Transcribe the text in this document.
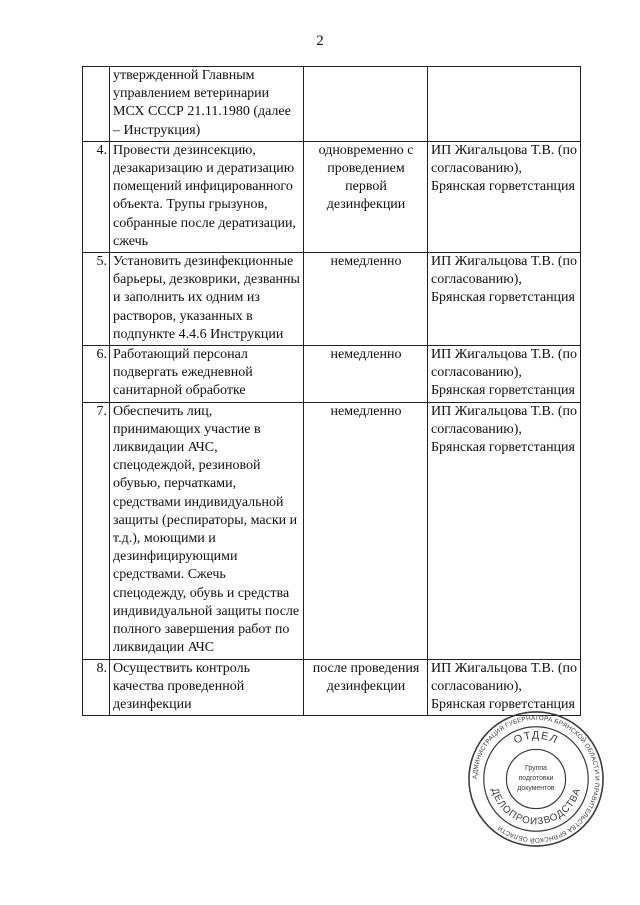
2
	утвержденной Главным управлением ветеринарии МСХ СССР 21.11.1980 (далее – Инструкция)		
4.	Провести дезинсекцию, дезакаризацию и дератизацию помещений инфицированного объекта. Трупы грызунов, собранные после дератизации, сжечь	одновременно с проведением первой дезинфекции	ИП Жигальцова Т.В. (по согласованию), Брянская горветстанция
5.	Установить дезинфекционные барьеры, дезковрики, дезванны и заполнить их одним из растворов, указанных в подпункте 4.4.6 Инструкции	немедленно	ИП Жигальцова Т.В. (по согласованию), Брянская горветстанция
6.	Работающий персонал подвергать ежедневной санитарной обработке	немедленно	ИП Жигальцова Т.В. (по согласованию), Брянская горветстанция
7.	Обеспечить лиц, принимающих участие в ликвидации АЧС, спецодеждой, резиновой обувью, перчатками, средствами индивидуальной защиты (респираторы, маски и т.д.), моющими и дезинфицирующими средствами. Сжечь спецодежду, обувь и средства индивидуальной защиты после полного завершения работ по ликвидации АЧС	немедленно	ИП Жигальцова Т.В. (по согласованию), Брянская горветстанция
8.	Осуществить контроль качества проведенной дезинфекции	после проведения дезинфекции	ИП Жигальцова Т.В. (по согласованию), Брянская горветстанция
АДМИНИСТРАЦИЯ ГУБЕРНАТОРА БРЯНСКОЙ ОБЛАСТИ И ПРАВИТЕЛЬСТВА БРЯНСКОЙ ОБЛАСТИ
ОТДЕЛ
ДЕЛОПРОИЗВОДСТВА
Группа
подготовки
документов
